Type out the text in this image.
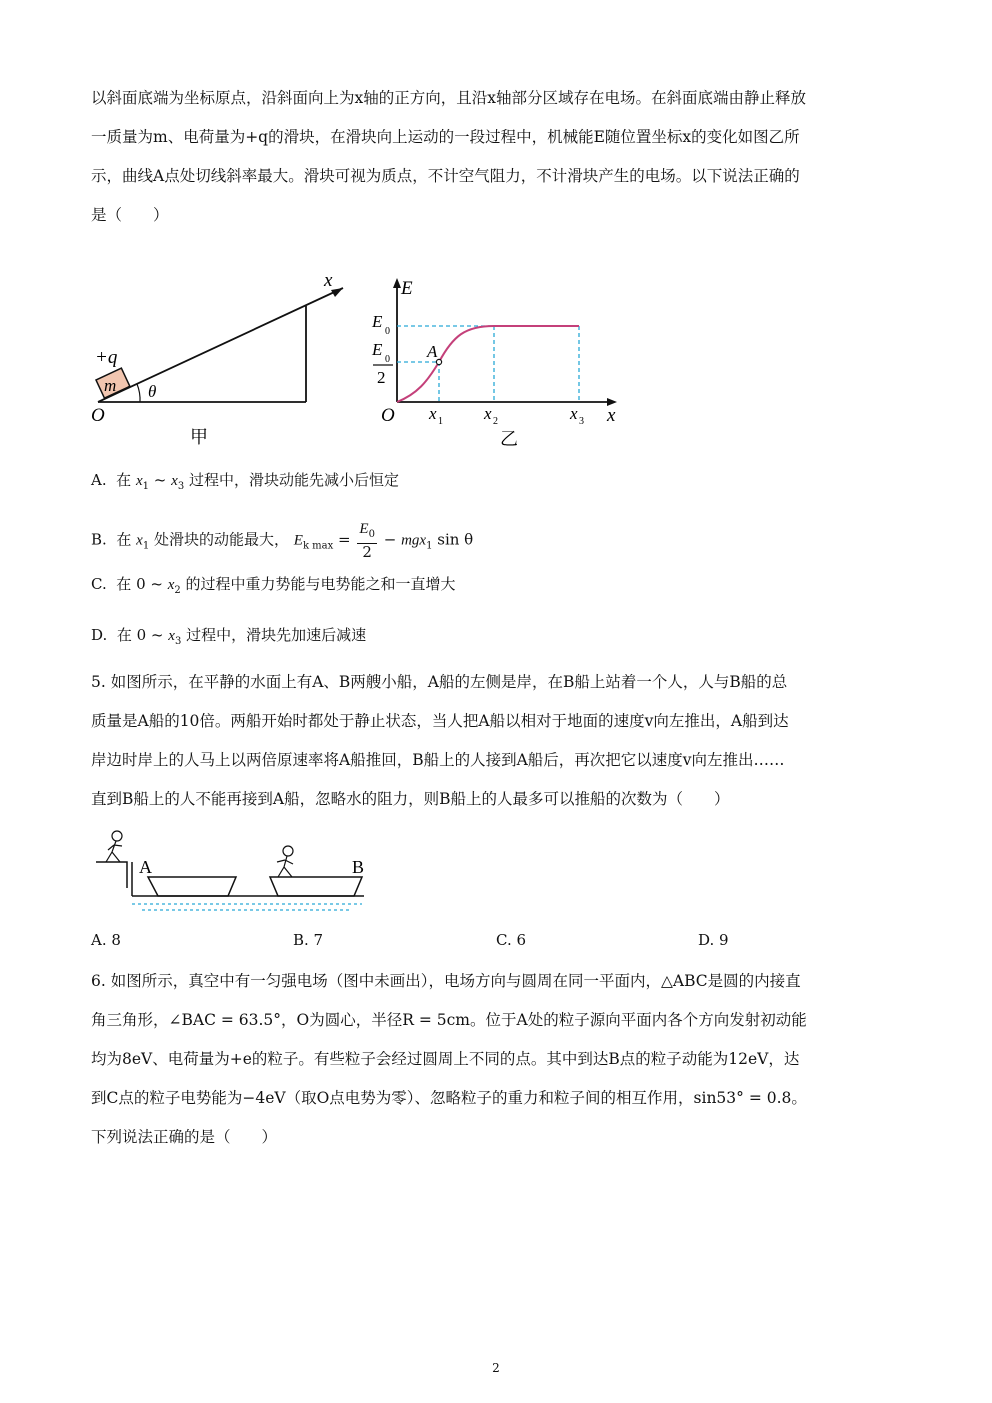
以斜面底端为坐标原点，沿斜面向上为x轴的正方向，且沿x轴部分区域存在电场。在斜面底端由静止释放
一质量为m、电荷量为+q的滑块，在滑块向上运动的一段过程中，机械能E随位置坐标x的变化如图乙所
示，曲线A点处切线斜率最大。滑块可视为质点，不计空气阻力，不计滑块产生的电场。以下说法正确的
是（　　）
x
+q
m θ
O
甲
E
x
O
E
0
E
0
2
A
x 1 x 2	x 3
乙
A. 在 $x_1$ ~ $x_3$ 过程中，滑块动能先减小后恒定
B. 在 $x_1$ 处滑块的动能最大， $E_{k max} = \frac{E_0}{2} - mgx_1$ sin θ
C. 在 0 ~ $x_2$ 的过程中重力势能与电势能之和一直增大
D. 在 0 ~ $x_3$ 过程中，滑块先加速后减速
5. 如图所示，在平静的水面上有A、B两艘小船，A船的左侧是岸，在B船上站着一个人，人与B船的总
质量是A船的10倍。两船开始时都处于静止状态，当人把A船以相对于地面的速度v向左推出，A船到达
岸边时岸上的人马上以两倍原速率将A船推回，B船上的人接到A船后，再次把它以速度v向左推出……
直到B船上的人不能再接到A船，忽略水的阻力，则B船上的人最多可以推船的次数为（　　）
A	B
A. 8	B. 7	C. 6	D. 9
6. 如图所示，真空中有一匀强电场（图中未画出），电场方向与圆周在同一平面内，△ABC是圆的内接直
角三角形，∠BAC = 63.5°，O为圆心，半径R = 5cm。位于A处的粒子源向平面内各个方向发射初动能
均为8eV、电荷量为+e的粒子。有些粒子会经过圆周上不同的点。其中到达B点的粒子动能为12eV，达
到C点的粒子电势能为−4eV（取O点电势为零）、忽略粒子的重力和粒子间的相互作用，sin53° = 0.8。
下列说法正确的是（　　）
2
